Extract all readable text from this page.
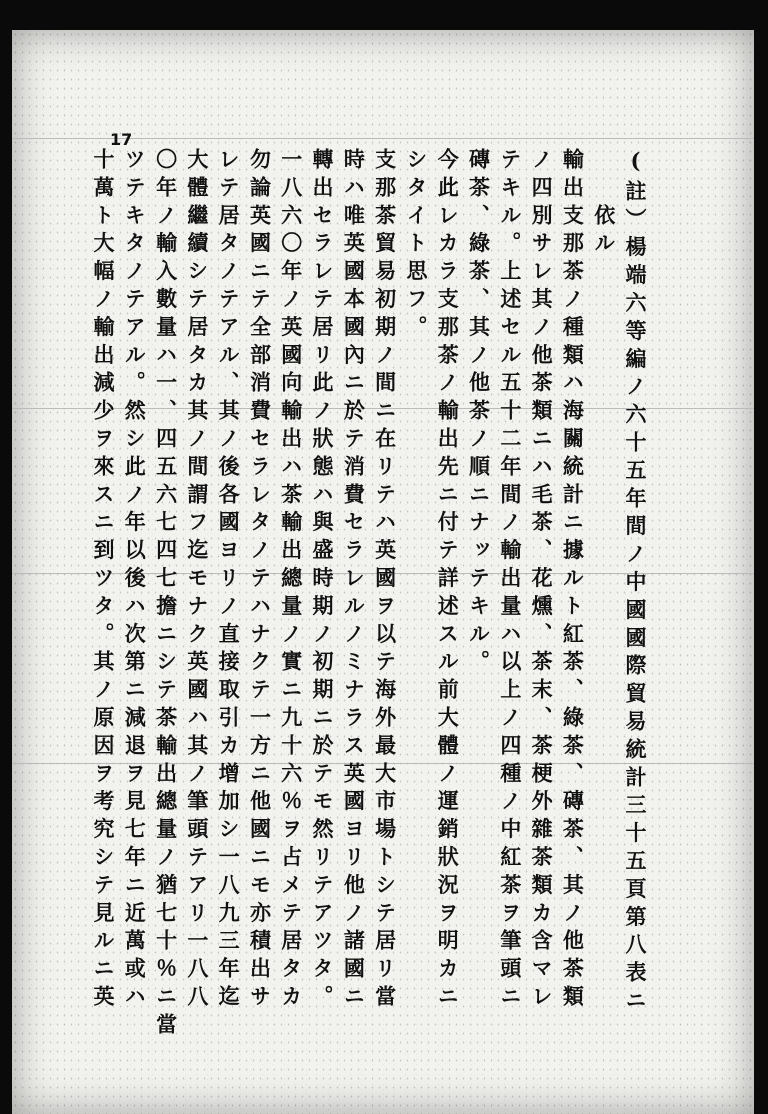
17
(註）楊端六等編ノ六十五年間ノ中國國際貿易統計三十五頁第八表ニ
　　依ル
輸出支那茶ノ種類ハ海關統計ニ據ルト紅茶、綠茶、磚茶、其ノ他茶類
ノ四別サレ其ノ他茶類ニハ毛茶、花燻、茶末、茶梗外雜茶類カ含マレ
テキル。上述セル五十二年間ノ輸出量ハ以上ノ四種ノ中紅茶ヲ筆頭ニ
磚茶、綠茶、其ノ他茶ノ順ニナッテキル。
今此レカラ支那茶ノ輸出先ニ付テ詳述スル前大體ノ運銷狀況ヲ明カニ
シタイト思フ。
支那茶貿易初期ノ間ニ在リテハ英國ヲ以テ海外最大市場トシテ居リ當
時ハ唯英國本國內ニ於テ消費セラレルノミナラス英國ヨリ他ノ諸國ニ
轉出セラレテ居リ此ノ狀態ハ與盛時期ノ初期ニ於テモ然リテアツタ。
一八六〇年ノ英國向輸出ハ茶輸出總量ノ實ニ九十六％ヲ占メテ居タカ
勿論英國ニテ全部消費セラレタノテハナクテ一方ニ他國ニモ亦積出サ
レテ居タノテアル、其ノ後各國ヨリノ直接取引カ增加シ一八九三年迄
大體繼續シテ居タカ其ノ間謂フ迄モナク英國ハ其ノ筆頭テアリ一八八
〇年ノ輸入數量ハ一、四五六七四七擔ニシテ茶輸出總量ノ猶七十％ニ當
ツテキタノテアル。然シ此ノ年以後ハ次第ニ減退ヲ見七年ニ近萬或ハ
十萬ト大幅ノ輸出減少ヲ來スニ到ツタ。其ノ原因ヲ考究シテ見ルニ英
